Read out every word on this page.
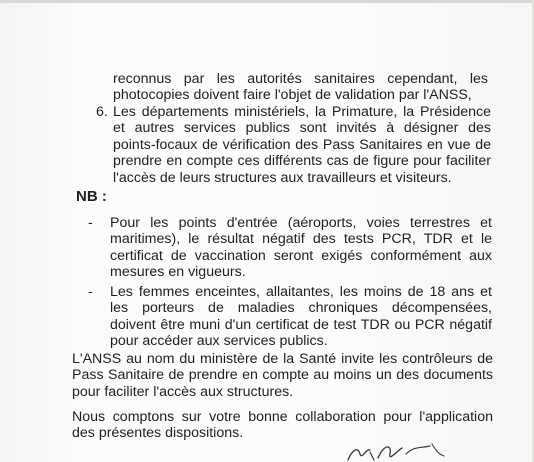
reconnus par les autorités sanitaires cependant, les
photocopies doivent faire l'objet de validation par l'ANSS,
6. Les départements ministériels, la Primature, la Présidence
et autres services publics sont invités à désigner des
points-focaux de vérification des Pass Sanitaires en vue de
prendre en compte ces différents cas de figure pour faciliter
l'accès de leurs structures aux travailleurs et visiteurs.
NB :
-	Pour les points d'entrée (aéroports, voies terrestres et
maritimes), le résultat négatif des tests PCR, TDR et le
certificat de vaccination seront exigés conformément aux
mesures en vigueurs.
-	Les femmes enceintes, allaitantes, les moins de 18 ans et
les porteurs de maladies chroniques décompensées,
doivent être muni d'un certificat de test TDR ou PCR négatif
pour accéder aux services publics.
L'ANSS au nom du ministère de la Santé invite les contrôleurs de
Pass Sanitaire de prendre en compte au moins un des documents
pour faciliter l'accès aux structures.
Nous comptons sur votre bonne collaboration pour l'application
des présentes dispositions.
